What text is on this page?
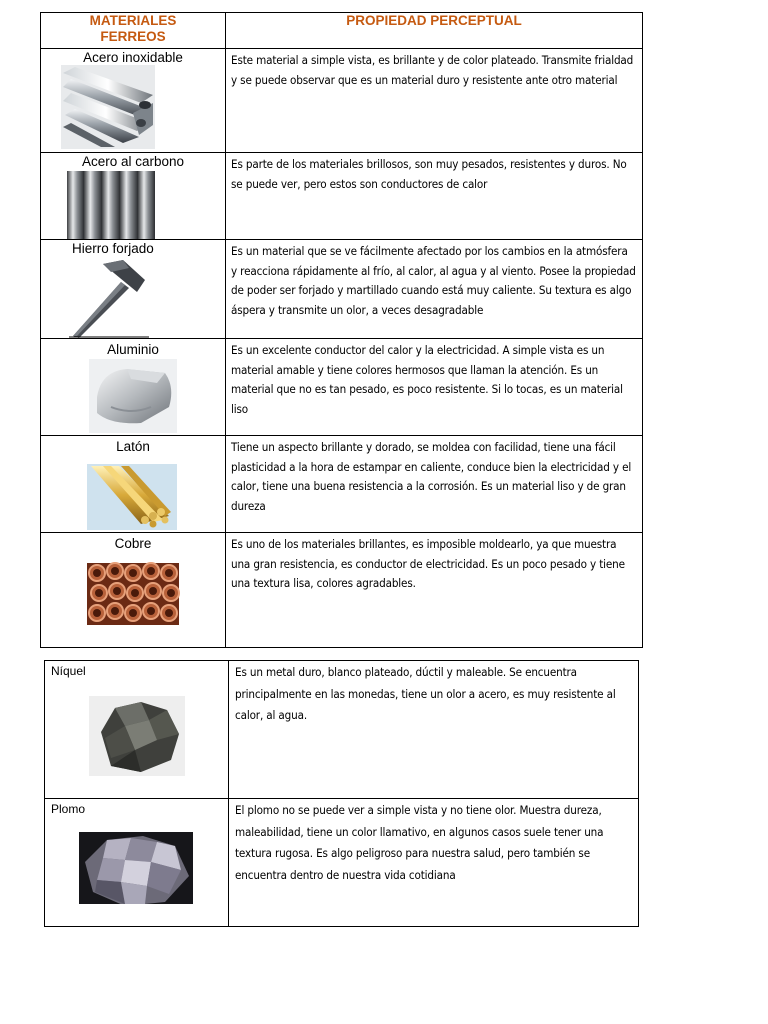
MATERIALES FERREOS	PROPIEDAD PERCEPTUAL

Acero inoxidable	Este material a simple vista, es brillante y de color plateado. Transmite frialdad y se puede observar que es un material duro y resistente ante otro material

Acero al carbono	Es parte de los materiales brillosos, son muy pesados, resistentes y duros. No se puede ver, pero estos son conductores de calor

Hierro forjado	Es un material que se ve fácilmente afectado por los cambios en la atmósfera y reacciona rápidamente al frío, al calor, al agua y al viento. Posee la propiedad de poder ser forjado y martillado cuando está muy caliente. Su textura es algo áspera y transmite un olor, a veces desagradable

Aluminio	Es un excelente conductor del calor y la electricidad. A simple vista es un material amable y tiene colores hermosos que llaman la atención. Es un material que no es tan pesado, es poco resistente. Si lo tocas, es un material liso

Latón	Tiene un aspecto brillante y dorado, se moldea con facilidad, tiene una fácil plasticidad a la hora de estampar en caliente, conduce bien la electricidad y el calor, tiene una buena resistencia a la corrosión. Es un material liso y de gran dureza

Cobre	Es uno de los materiales brillantes, es imposible moldearlo, ya que muestra una gran resistencia, es conductor de electricidad. Es un poco pesado y tiene una textura lisa, colores agradables.
Níquel	Es un metal duro, blanco plateado, dúctil y maleable. Se encuentra principalmente en las monedas, tiene un olor a acero, es muy resistente al calor, al agua.

Plomo	El plomo no se puede ver a simple vista y no tiene olor. Muestra dureza, maleabilidad, tiene un color llamativo, en algunos casos suele tener una textura rugosa. Es algo peligroso para nuestra salud, pero también se encuentra dentro de nuestra vida cotidiana
